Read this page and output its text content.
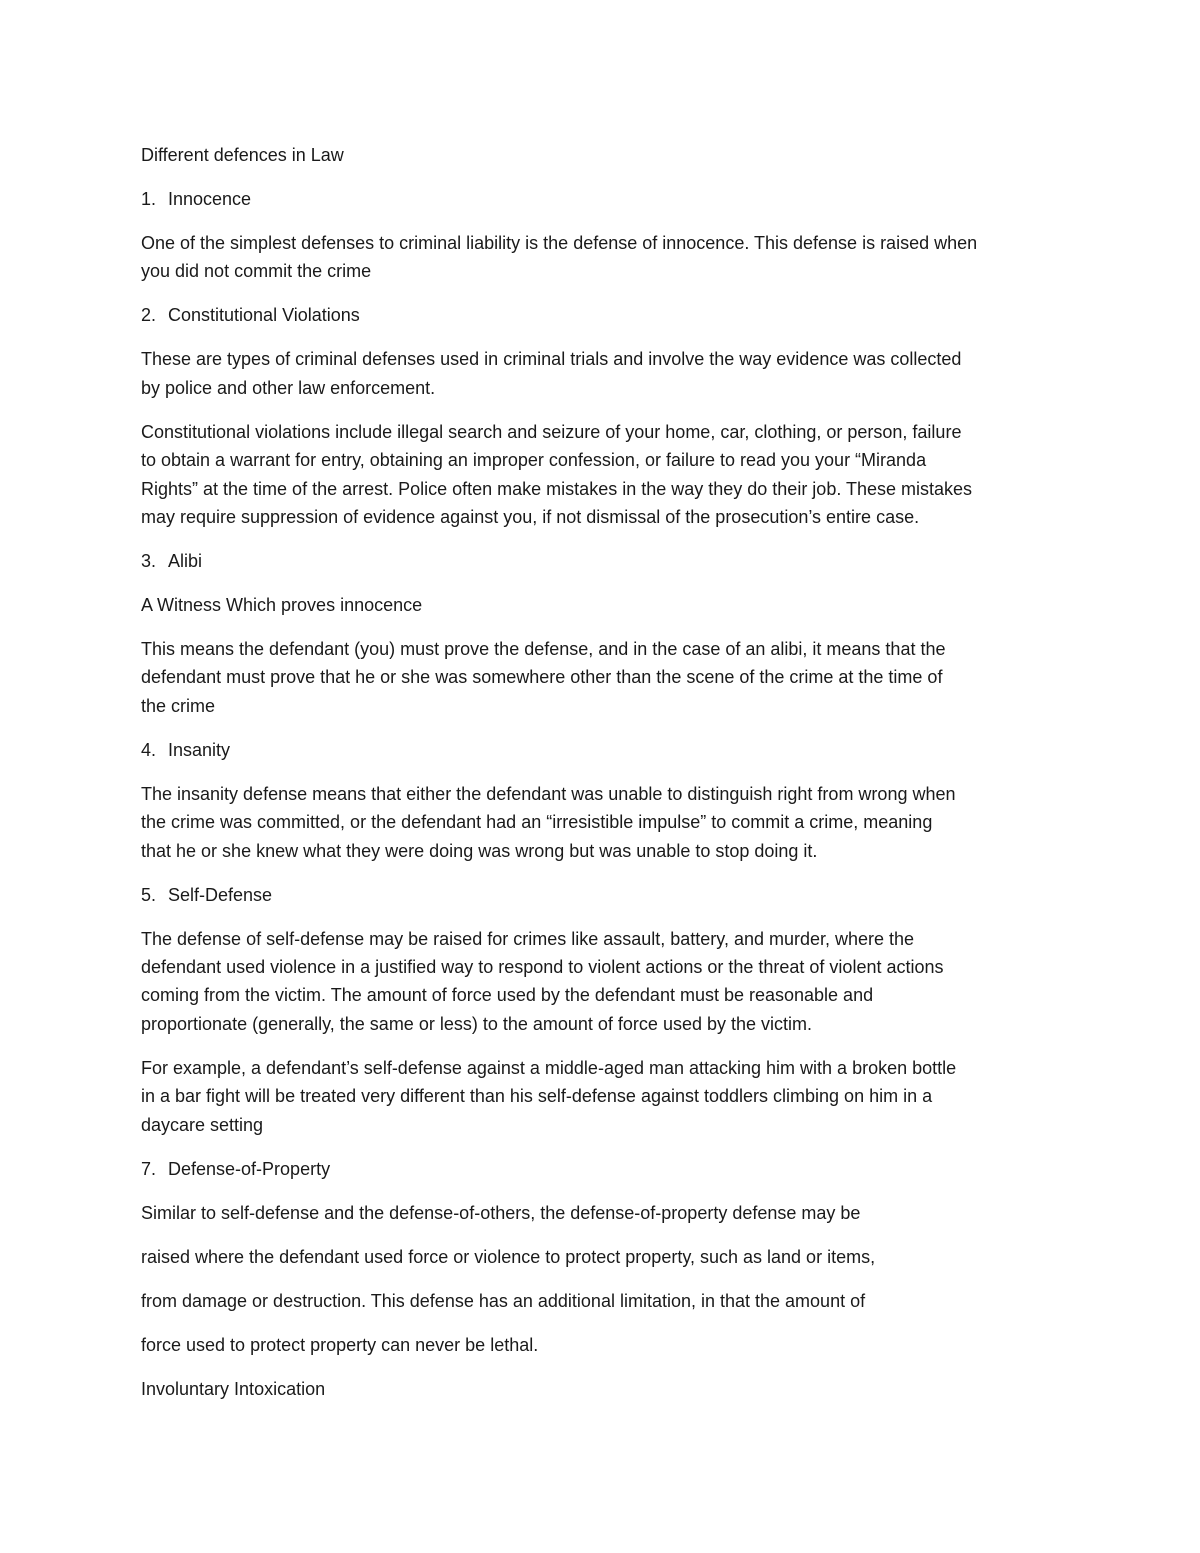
Different defences in Law
1. Innocence
One of the simplest defenses to criminal liability is the defense of innocence. This defense is raised when
you did not commit the crime
2. Constitutional Violations
These are types of criminal defenses used in criminal trials and involve the way evidence was collected
by police and other law enforcement.
Constitutional violations include illegal search and seizure of your home, car, clothing, or person, failure
to obtain a warrant for entry, obtaining an improper confession, or failure to read you your “Miranda
Rights” at the time of the arrest. Police often make mistakes in the way they do their job. These mistakes
may require suppression of evidence against you, if not dismissal of the prosecution’s entire case.
3. Alibi
A Witness Which proves innocence
This means the defendant (you) must prove the defense, and in the case of an alibi, it means that the
defendant must prove that he or she was somewhere other than the scene of the crime at the time of
the crime
4. Insanity
The insanity defense means that either the defendant was unable to distinguish right from wrong when
the crime was committed, or the defendant had an “irresistible impulse” to commit a crime, meaning
that he or she knew what they were doing was wrong but was unable to stop doing it.
5. Self-Defense
The defense of self-defense may be raised for crimes like assault, battery, and murder, where the
defendant used violence in a justified way to respond to violent actions or the threat of violent actions
coming from the victim. The amount of force used by the defendant must be reasonable and
proportionate (generally, the same or less) to the amount of force used by the victim.
For example, a defendant’s self-defense against a middle-aged man attacking him with a broken bottle
in a bar fight will be treated very different than his self-defense against toddlers climbing on him in a
daycare setting
7. Defense-of-Property
Similar to self-defense and the defense-of-others, the defense-of-property defense may be
raised where the defendant used force or violence to protect property, such as land or items,
from damage or destruction. This defense has an additional limitation, in that the amount of
force used to protect property can never be lethal.
Involuntary Intoxication
